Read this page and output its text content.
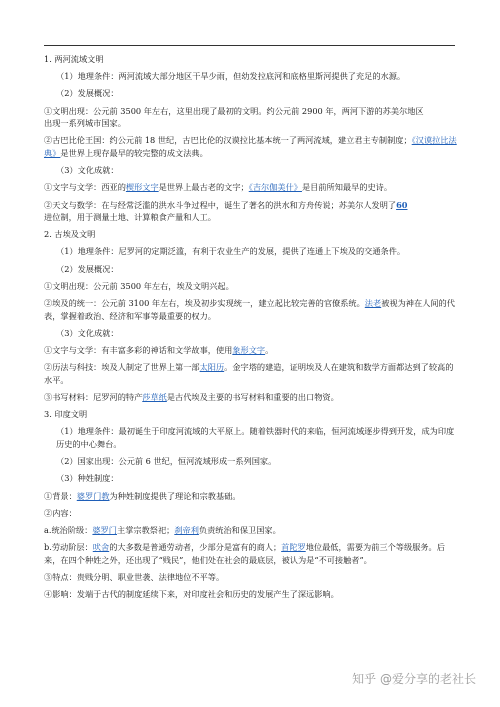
1. 两河流域文明

（1）地理条件：两河流域大部分地区干旱少雨，但幼发拉底河和底格里斯河提供了充足的水源。

（2）发展概况：

①文明出现：公元前 3500 年左右，这里出现了最初的文明。约公元前 2900 年，两河下游的苏美尔地区
出现一系列城市国家。

②古巴比伦王国：约公元前 18 世纪，古巴比伦的汉谟拉比基本统一了两河流域，建立君主专制制度；《汉谟拉比法典》是世界上现存最早的较完整的成文法典。

（3）文化成就：

①文字与文学：西亚的楔形文字是世界上最古老的文字；《吉尔伽美什》是目前所知最早的史诗。

②天文与数学：在与经常泛滥的洪水斗争过程中，诞生了著名的洪水和方舟传说；苏美尔人发明了60
进位制，用于测量土地、计算粮食产量和人工。

2. 古埃及文明

（1）地理条件：尼罗河的定期泛滥，有利于农业生产的发展，提供了连通上下埃及的交通条件。

（2）发展概况：

①文明出现：公元前 3500 年左右，埃及文明兴起。

②埃及的统一：公元前 3100 年左右，埃及初步实现统一，建立起比较完善的官僚系统。法老被视为神在人间的代表，掌握着政治、经济和军事等最重要的权力。

（3）文化成就：

①文字与文学：有丰富多彩的神话和文学故事，使用象形文字。

②历法与科技：埃及人制定了世界上第一部太阳历。金字塔的建造，证明埃及人在建筑和数学方面都达到了较高的水平。

③书写材料：尼罗河的特产莎草纸是古代埃及主要的书写材料和重要的出口物资。

3. 印度文明

（1）地理条件：最初诞生于印度河流域的大平原上。随着铁器时代的来临，恒河流域逐步得到开发，成为印度历史的中心舞台。

（2）国家出现：公元前 6 世纪，恒河流域形成一系列国家。

（3）种姓制度：

①背景：婆罗门教为种姓制度提供了理论和宗教基础。

②内容：

a.统治阶级：婆罗门主掌宗教祭祀；刹帝利负责统治和保卫国家。

b.劳动阶层：吠舍的大多数是普通劳动者，少部分是富有的商人；首陀罗地位最低，需要为前三个等级服务。后来，在四个种姓之外，还出现了“贱民”，他们处在社会的最底层，被认为是“不可接触者”。

③特点：贵贱分明、职业世袭、法律地位不平等。

④影响：发端于古代的制度延续下来，对印度社会和历史的发展产生了深远影响。

知乎 @爱分享的老社长
